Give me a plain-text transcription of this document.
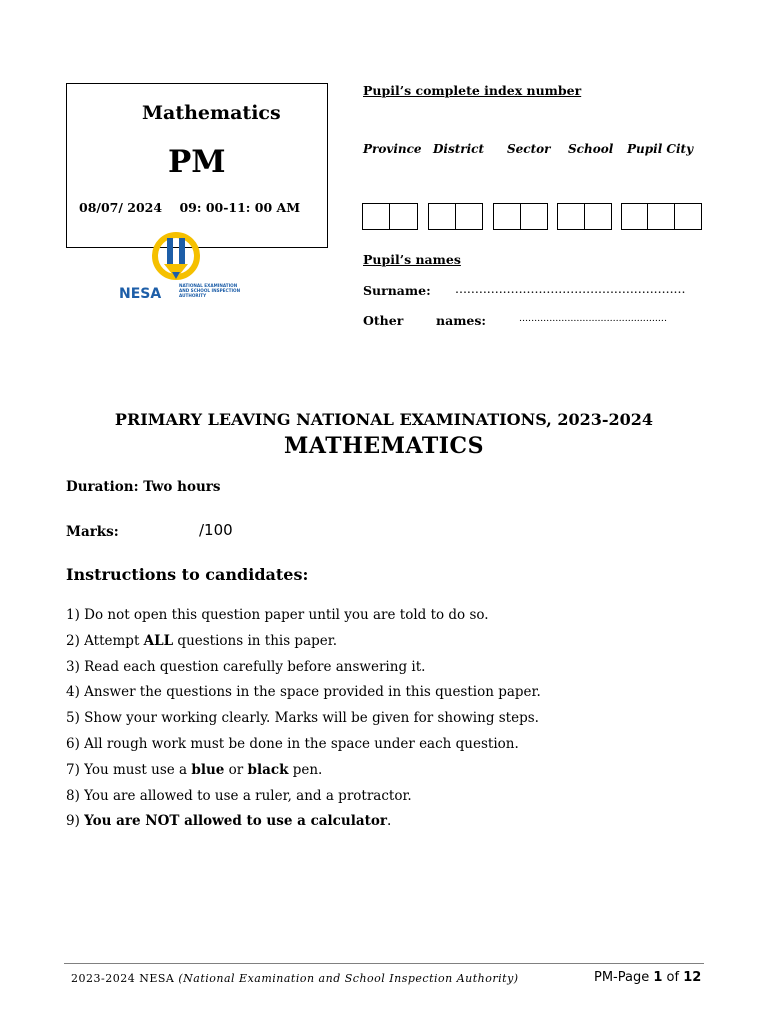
Mathematics
PM
08/07/ 2024    09: 00-11: 00 AM
NESA
NATIONAL EXAMINATION
AND SCHOOL INSPECTION
AUTHORITY
Pupil’s complete index number
Province District Sector School Pupil City
Pupil’s names
Surname: ..........................................................
Other	names:	.................................................
PRIMARY LEAVING NATIONAL EXAMINATIONS, 2023-2024
MATHEMATICS
Duration: Two hours
Marks:	/100
Instructions to candidates:
1) Do not open this question paper until you are told to do so.
2) Attempt ALL questions in this paper.
3) Read each question carefully before answering it.
4) Answer the questions in the space provided in this question paper.
5) Show your working clearly. Marks will be given for showing steps.
6) All rough work must be done in the space under each question.
7) You must use a blue or black pen.
8) You are allowed to use a ruler, and a protractor.
9) You are NOT allowed to use a calculator.
2023-2024 NESA (National Examination and School Inspection Authority)	PM-Page 1 of 12
